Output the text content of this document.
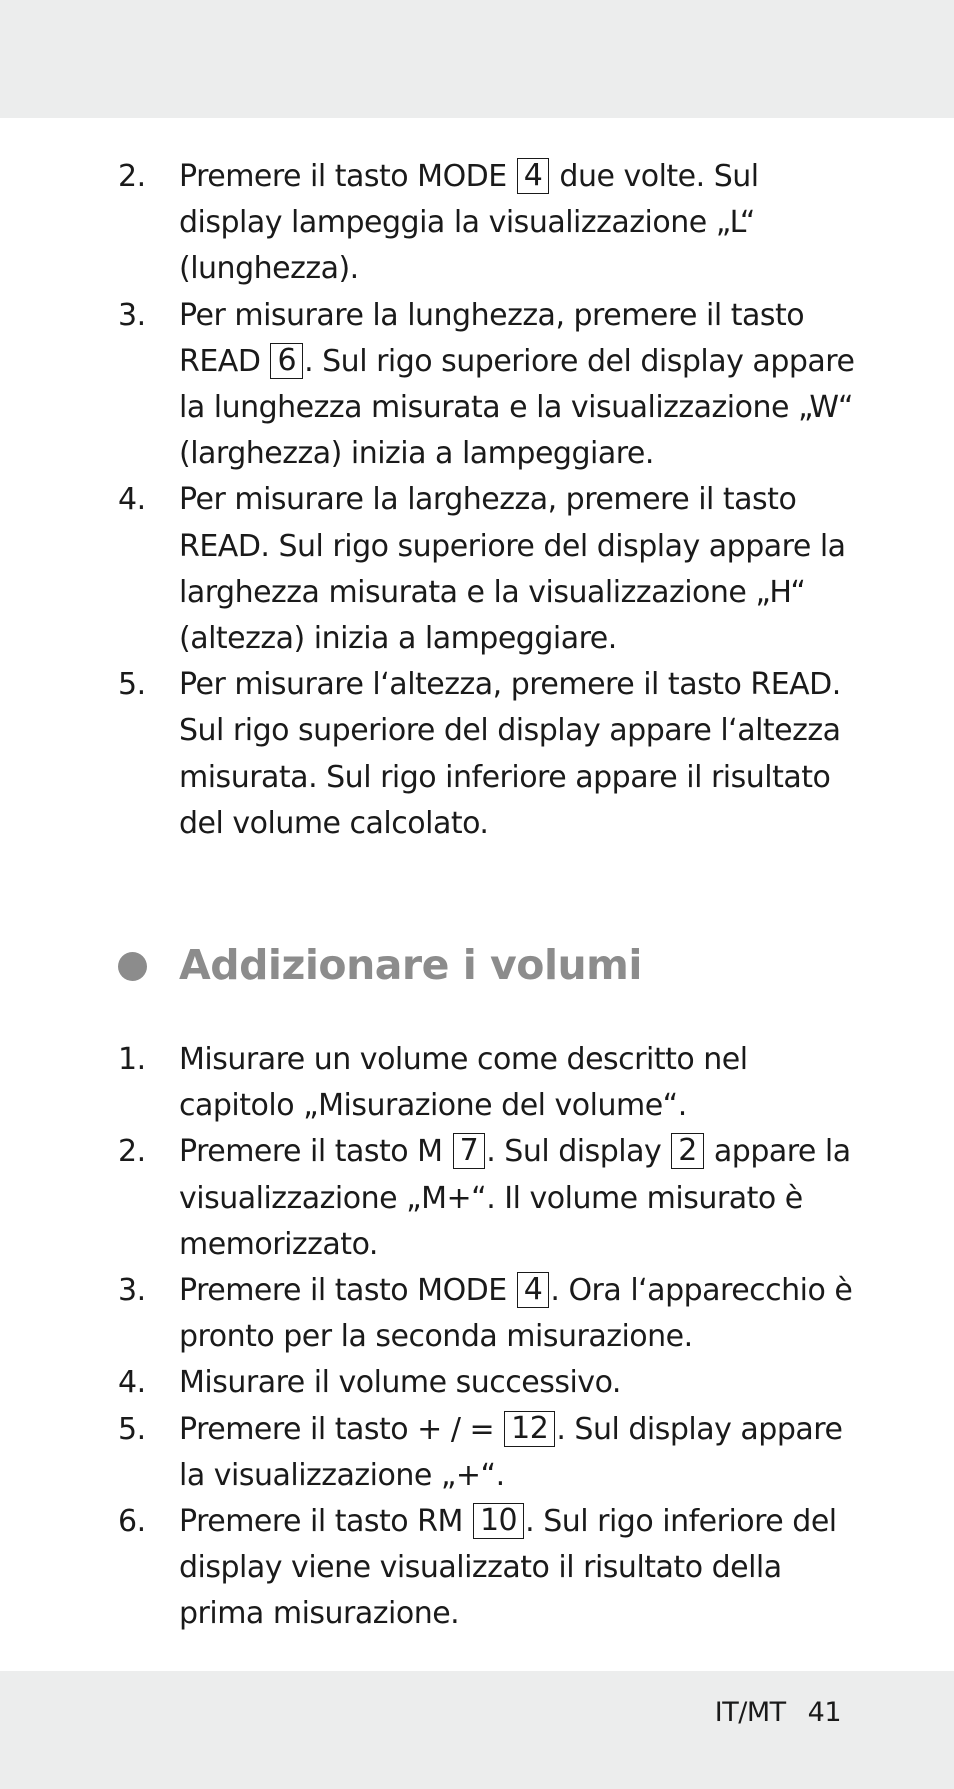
2. Premere il tasto MODE 4 due volte. Sul display lampeggia la visualizzazione „L“ (lunghezza).
3. Per misurare la lunghezza, premere il tasto READ 6 . Sul rigo superiore del display appare la lunghezza misurata e la visualizzazione „W“ (larghezza) inizia a lampeggiare.
4. Per misurare la larghezza, premere il tasto READ. Sul rigo superiore del display appare la larghezza misurata e la visualizzazione „H“ (altezza) inizia a lampeggiare.
5. Per misurare l‘altezza, premere il tasto READ. Sul rigo superiore del display appare l‘altezza misurata. Sul rigo inferiore appare il risultato del volume calcolato.
Addizionare i volumi
1. Misurare un volume come descritto nel capitolo „Misurazione del volume“.
2. Premere il tasto M 7 . Sul display 2 appare la visualizzazione „M+“. Il volume misurato è memorizzato.
3. Premere il tasto MODE 4 . Ora l‘apparecchio è pronto per la seconda misurazione.
4. Misurare il volume successivo.
5. Premere il tasto + / = 12 . Sul display appare la visualizzazione „+“.
6. Premere il tasto RM 10 . Sul rigo inferiore del display viene visualizzato il risultato della prima misurazione.
IT/MT 41
